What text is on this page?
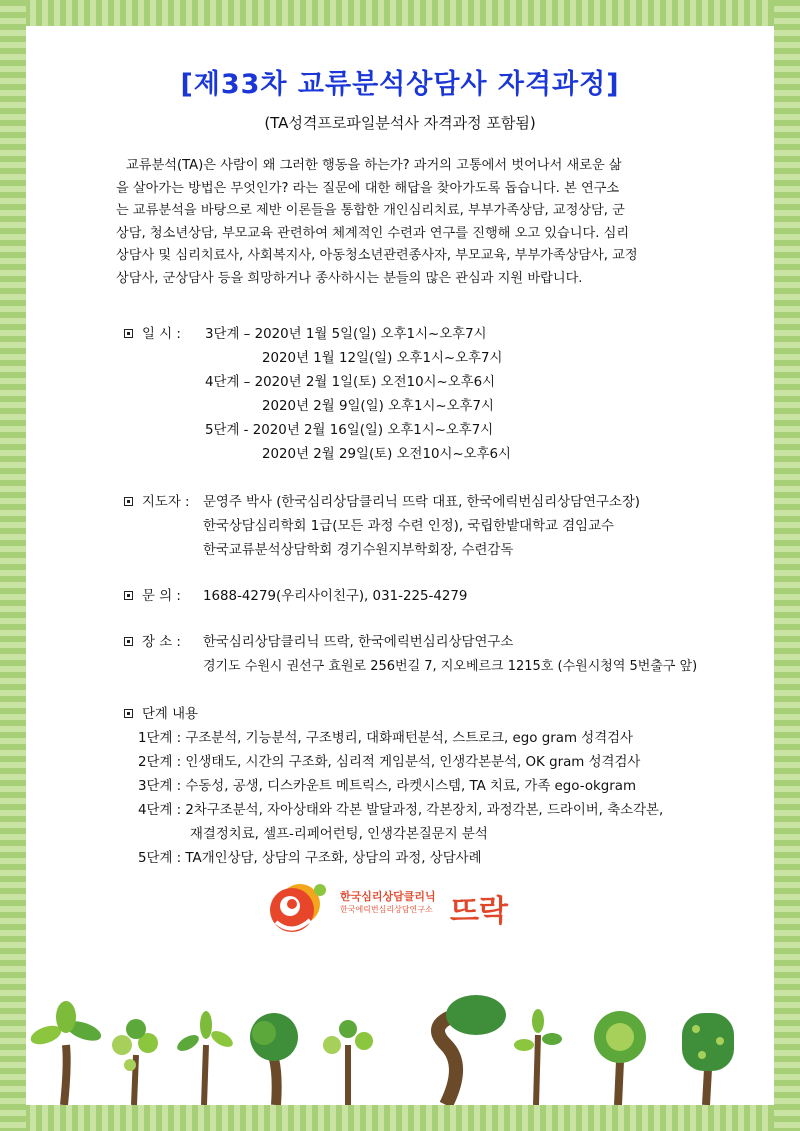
[제33차 교류분석상담사 자격과정]
(TA성격프로파일분석사 자격과정 포함됨)
교류분석(TA)은 사람이 왜 그러한 행동을 하는가? 과거의 고통에서 벗어나서 새로운 삶
을 살아가는 방법은 무엇인가? 라는 질문에 대한 해답을 찾아가도록 돕습니다. 본 연구소
는 교류분석을 바탕으로 제반 이론들을 통합한 개인심리치료, 부부가족상담, 교정상담, 군
상담, 청소년상담, 부모교육 관련하여 체계적인 수련과 연구를 진행해 오고 있습니다. 심리
상담사 및 심리치료사, 사회복지사, 아동청소년관련종사자, 부모교육, 부부가족상담사, 교정
상담사, 군상담사 등을 희망하거나 종사하시는 분들의 많은 관심과 지원 바랍니다.
일 시 : 3단계 – 2020년 1월 5일(일) 오후1시~오후7시
2020년 1월 12일(일) 오후1시~오후7시
4단계 – 2020년 2월 1일(토) 오전10시~오후6시
2020년 2월 9일(일) 오후1시~오후7시
5단계 - 2020년 2월 16일(일) 오후1시~오후7시
2020년 2월 29일(토) 오전10시~오후6시
지도자 : 문영주 박사 (한국심리상담클리닉 뜨락 대표, 한국에릭번심리상담연구소장)
한국상담심리학회 1급(모든 과정 수련 인정), 국립한밭대학교 겸임교수
한국교류분석상담학회 경기수원지부학회장, 수련감독
문 의 : 1688-4279(우리사이친구), 031-225-4279
장 소 : 한국심리상담클리닉 뜨락, 한국에릭번심리상담연구소
경기도 수원시 권선구 효원로 256번길 7, 지오베르크 1215호 (수원시청역 5번출구 앞)
단계 내용
1단계 : 구조분석, 기능분석, 구조병리, 대화패턴분석, 스트로크, ego gram 성격검사
2단계 : 인생태도, 시간의 구조화, 심리적 게임분석, 인생각본분석, OK gram 성격검사
3단계 : 수동성, 공생, 디스카운트 메트릭스, 라켓시스템, TA 치료, 가족 ego-okgram
4단계 : 2차구조분석, 자아상태와 각본 발달과정, 각본장치, 과정각본, 드라이버, 축소각본,
재결정치료, 셀프-리페어런팅, 인생각본질문지 분석
5단계 : TA개인상담, 상담의 구조화, 상담의 과정, 상담사례
한국심리상담클리닉
한국에릭번심리상담연구소 뜨락
